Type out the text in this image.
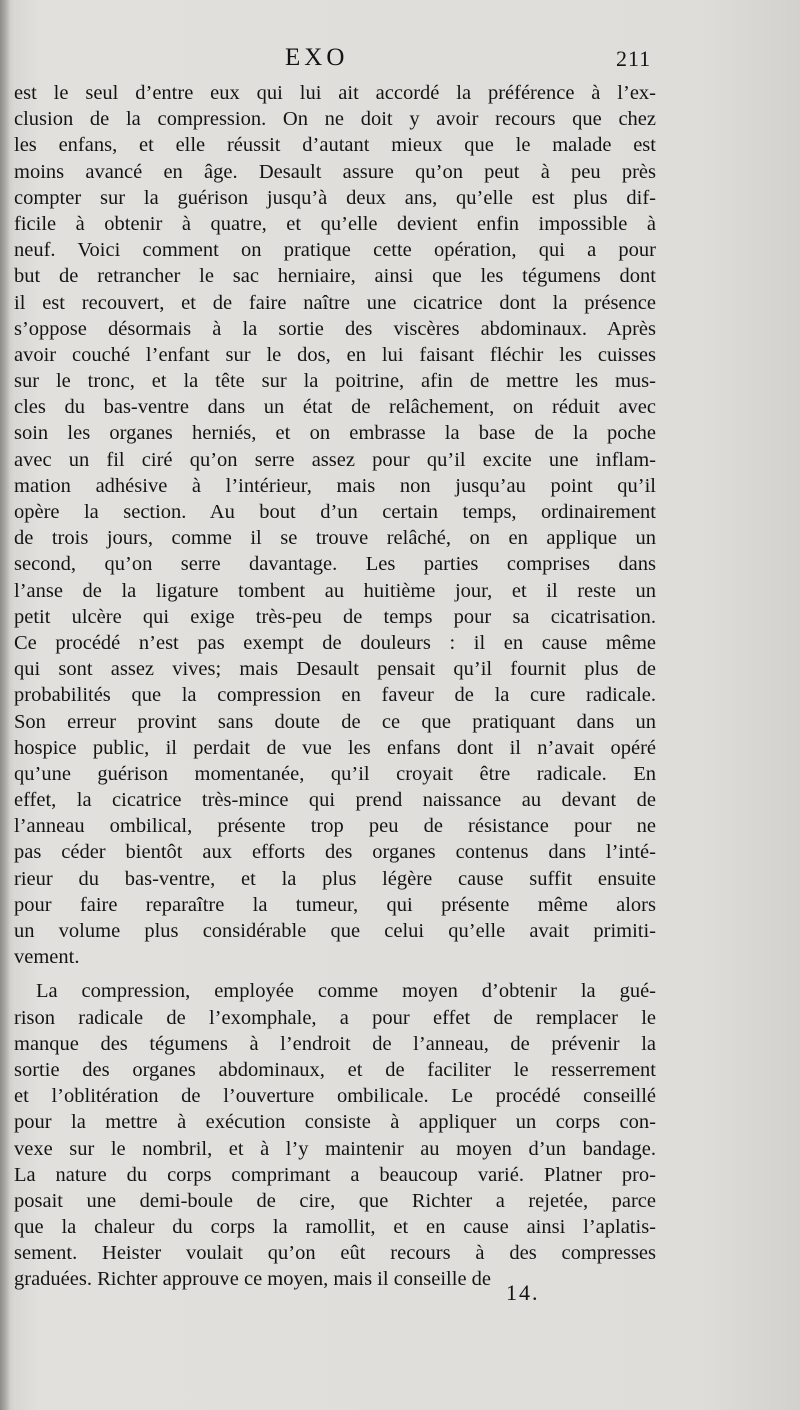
EXO	211
est le seul d’entre eux qui lui ait accordé la préférence à l’ex-
clusion de la compression. On ne doit y avoir recours que chez
les enfans, et elle réussit d’autant mieux que le malade est
moins avancé en âge. Desault assure qu’on peut à peu près
compter sur la guérison jusqu’à deux ans, qu’elle est plus dif-
ficile à obtenir à quatre, et qu’elle devient enfin impossible à
neuf. Voici comment on pratique cette opération, qui a pour
but de retrancher le sac herniaire, ainsi que les tégumens dont
il est recouvert, et de faire naître une cicatrice dont la présence
s’oppose désormais à la sortie des viscères abdominaux. Après
avoir couché l’enfant sur le dos, en lui faisant fléchir les cuisses
sur le tronc, et la tête sur la poitrine, afin de mettre les mus-
cles du bas-ventre dans un état de relâchement, on réduit avec
soin les organes herniés, et on embrasse la base de la poche
avec un fil ciré qu’on serre assez pour qu’il excite une inflam-
mation adhésive à l’intérieur, mais non jusqu’au point qu’il
opère la section. Au bout d’un certain temps, ordinairement
de trois jours, comme il se trouve relâché, on en applique un
second, qu’on serre davantage. Les parties comprises dans
l’anse de la ligature tombent au huitième jour, et il reste un
petit ulcère qui exige très-peu de temps pour sa cicatrisation.
Ce procédé n’est pas exempt de douleurs : il en cause même
qui sont assez vives; mais Desault pensait qu’il fournit plus de
probabilités que la compression en faveur de la cure radicale.
Son erreur provint sans doute de ce que pratiquant dans un
hospice public, il perdait de vue les enfans dont il n’avait opéré
qu’une guérison momentanée, qu’il croyait être radicale. En
effet, la cicatrice très-mince qui prend naissance au devant de
l’anneau ombilical, présente trop peu de résistance pour ne
pas céder bientôt aux efforts des organes contenus dans l’inté-
rieur du bas-ventre, et la plus légère cause suffit ensuite
pour faire reparaître la tumeur, qui présente même alors
un volume plus considérable que celui qu’elle avait primiti-
vement.
La compression, employée comme moyen d’obtenir la gué-
rison radicale de l’exomphale, a pour effet de remplacer le
manque des tégumens à l’endroit de l’anneau, de prévenir la
sortie des organes abdominaux, et de faciliter le resserrement
et l’oblitération de l’ouverture ombilicale. Le procédé conseillé
pour la mettre à exécution consiste à appliquer un corps con-
vexe sur le nombril, et à l’y maintenir au moyen d’un bandage.
La nature du corps comprimant a beaucoup varié. Platner pro-
posait une demi-boule de cire, que Richter a rejetée, parce
que la chaleur du corps la ramollit, et en cause ainsi l’aplatis-
sement. Heister voulait qu’on eût recours à des compresses
graduées. Richter approuve ce moyen, mais il conseille de
14.
